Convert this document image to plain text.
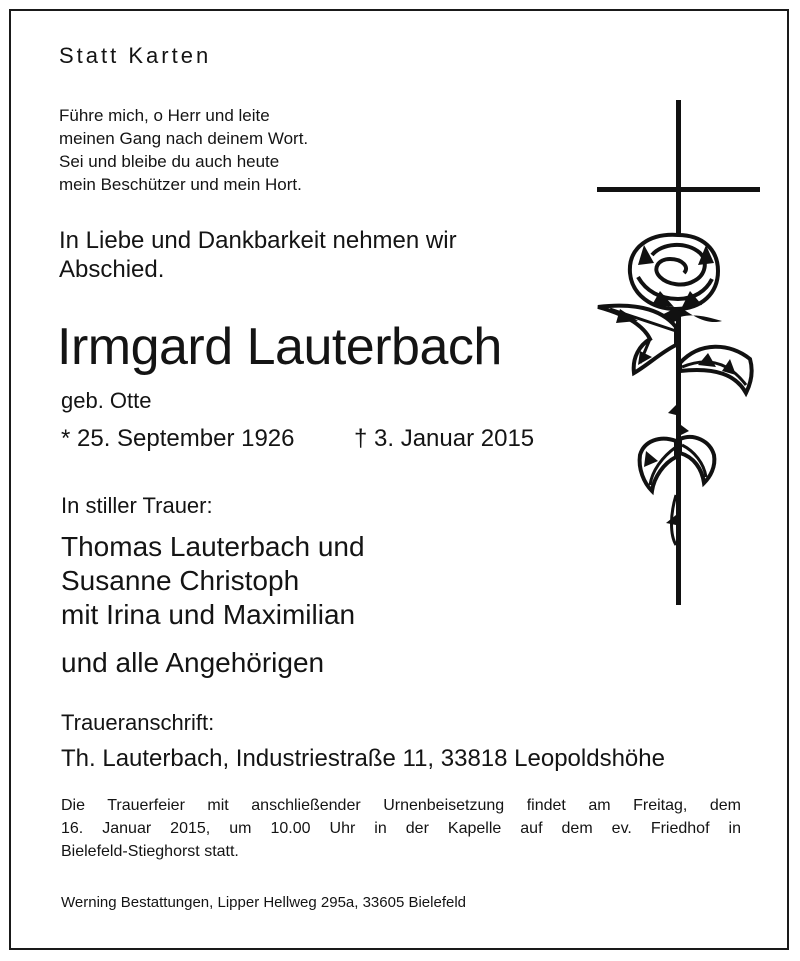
Statt Karten
Führe mich, o Herr und leite
meinen Gang nach deinem Wort.
Sei und bleibe du auch heute
mein Beschützer und mein Hort.
In Liebe und Dankbarkeit nehmen wir
Abschied.
Irmgard Lauterbach
geb. Otte
* 25. September 1926 † 3. Januar 2015
In stiller Trauer:
Thomas Lauterbach und
Susanne Christoph
mit Irina und Maximilian
und alle Angehörigen
Traueranschrift:
Th. Lauterbach, Industriestraße 11, 33818 Leopoldshöhe
Die Trauerfeier mit anschließender Urnenbeisetzung findet am Freitag, dem
16. Januar 2015, um 10.00 Uhr in der Kapelle auf dem ev. Friedhof in
Bielefeld-Stieghorst statt.
Werning Bestattungen, Lipper Hellweg 295a, 33605 Bielefeld
